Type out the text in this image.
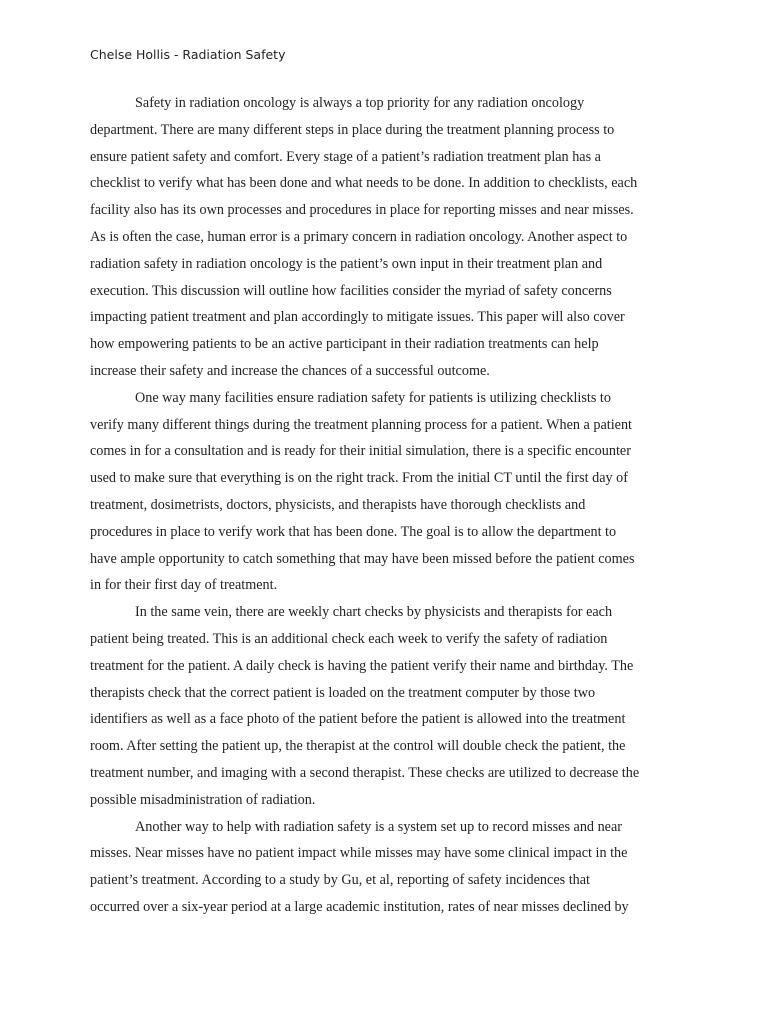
Chelse Hollis - Radiation Safety
Safety in radiation oncology is always a top priority for any radiation oncology
department. There are many different steps in place during the treatment planning process to
ensure patient safety and comfort. Every stage of a patient’s radiation treatment plan has a
checklist to verify what has been done and what needs to be done. In addition to checklists, each
facility also has its own processes and procedures in place for reporting misses and near misses.
As is often the case, human error is a primary concern in radiation oncology. Another aspect to
radiation safety in radiation oncology is the patient’s own input in their treatment plan and
execution. This discussion will outline how facilities consider the myriad of safety concerns
impacting patient treatment and plan accordingly to mitigate issues. This paper will also cover
how empowering patients to be an active participant in their radiation treatments can help
increase their safety and increase the chances of a successful outcome.
One way many facilities ensure radiation safety for patients is utilizing checklists to
verify many different things during the treatment planning process for a patient. When a patient
comes in for a consultation and is ready for their initial simulation, there is a specific encounter
used to make sure that everything is on the right track. From the initial CT until the first day of
treatment, dosimetrists, doctors, physicists, and therapists have thorough checklists and
procedures in place to verify work that has been done. The goal is to allow the department to
have ample opportunity to catch something that may have been missed before the patient comes
in for their first day of treatment.
In the same vein, there are weekly chart checks by physicists and therapists for each
patient being treated. This is an additional check each week to verify the safety of radiation
treatment for the patient. A daily check is having the patient verify their name and birthday. The
therapists check that the correct patient is loaded on the treatment computer by those two
identifiers as well as a face photo of the patient before the patient is allowed into the treatment
room. After setting the patient up, the therapist at the control will double check the patient, the
treatment number, and imaging with a second therapist. These checks are utilized to decrease the
possible misadministration of radiation.
Another way to help with radiation safety is a system set up to record misses and near
misses. Near misses have no patient impact while misses may have some clinical impact in the
patient’s treatment. According to a study by Gu, et al, reporting of safety incidences that
occurred over a six-year period at a large academic institution, rates of near misses declined by
